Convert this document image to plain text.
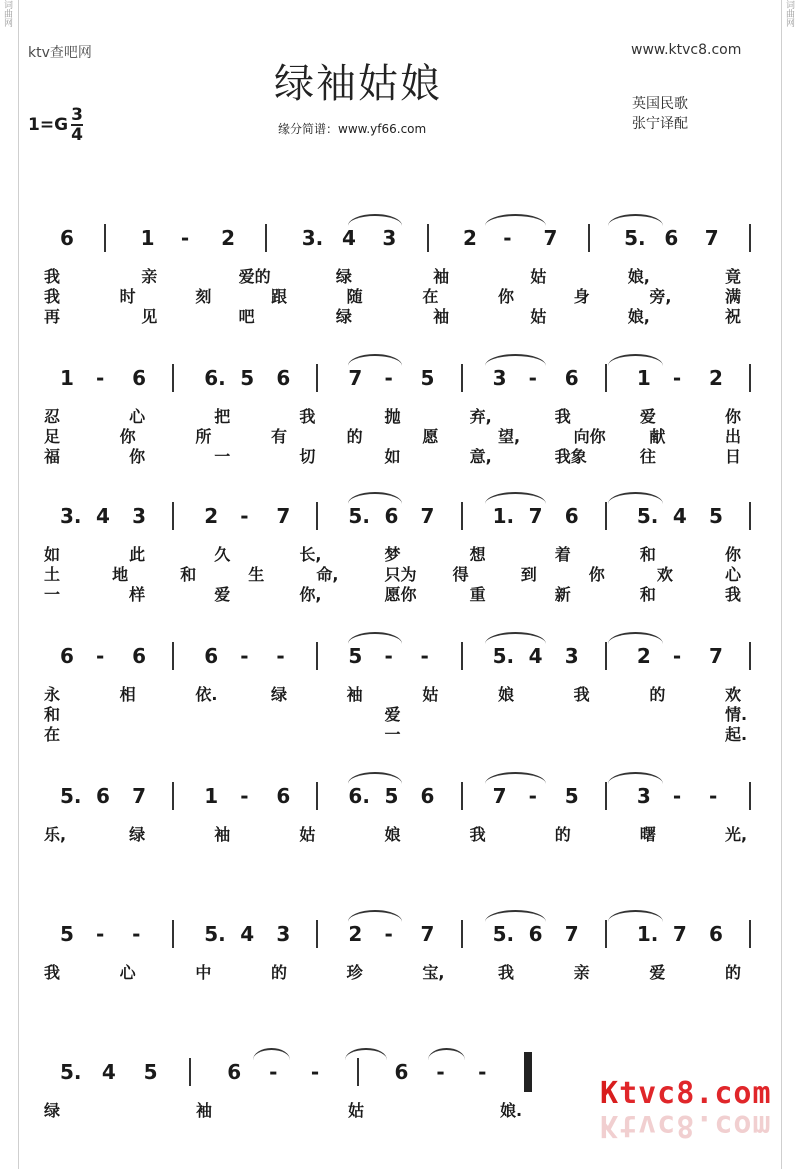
词曲网	词曲网
ktv查吧网	www.ktvc8.com
绿袖姑娘
1=G 3
4	缘分简谱：www.yf66.com
英国民歌
张宁译配
6	1 - 2	3. 4 3	2 - 7	5. 6 7
我	亲	爱的	绿	袖	姑	娘,	竟
我	时	刻	跟	随	在	你	身	旁,	满
再	见	吧	绿	袖	姑	娘,	祝
1 - 6	6. 5 6	7 - 5	3 - 6	1 - 2
忍	心	把	我	抛	弃,	我	爱	你
足	你	所	有	的	愿	望,	向你	献	出
福	你	一	切	如	意,	我象	往	日
3. 4 3	2 - 7	5. 6 7	1. 7 6	5. 4 5
如	此	久	长,	梦	想	着	和	你
土	地	和	生	命,	只为 得	到	你	欢	心
一	样	爱	你,	愿你	重	新	和	我
6 - 6	6 - -	5 - -	5. 4 3	2 - 7
永	相	依.	绿	袖	姑	娘	我	的	欢
和	爱	情.
在	一	起.
5. 6 7	1 - 6	6. 5 6	7 - 5	3 - -
乐,	绿	袖	姑	娘	我	的	曙	光,
5 - -	5. 4 3	2 - 7	5. 6 7	1. 7 6
我	心	中	的	珍	宝,	我	亲	爱	的
5. 4 5	6 - -	6 - -
绿	袖	姑	娘.	Ktvc8.com
Ktvc8.com
